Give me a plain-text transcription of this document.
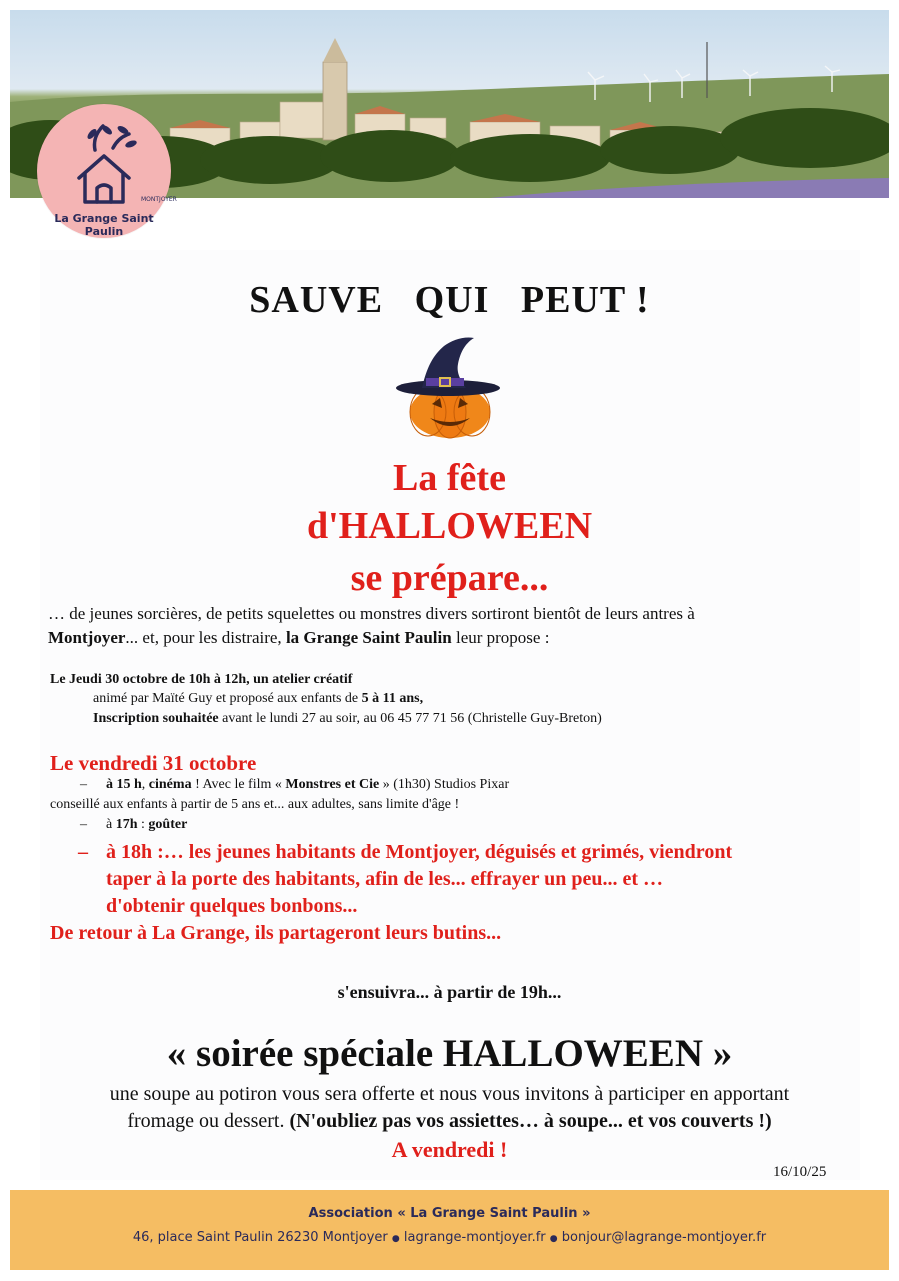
La Grange Saint Paulin
MONTJOYER
SAUVE   QUI   PEUT !
La fête
d'HALLOWEEN
se prépare...
… de jeunes sorcières, de petits squelettes ou monstres divers sortiront bientôt de leurs antres à
Montjoyer... et, pour les distraire, la Grange Saint Paulin leur propose :
Le Jeudi 30 octobre de 10h à 12h, un atelier créatif
animé par Maïté Guy et proposé aux enfants de 5 à 11 ans,
Inscription souhaitée avant le lundi 27 au soir, au 06 45 77 71 56 (Christelle Guy-Breton)
Le vendredi 31 octobre
– à 15 h, cinéma ! Avec le film « Monstres et Cie » (1h30) Studios Pixar
conseillé aux enfants à partir de 5 ans et... aux adultes, sans limite d'âge !
– à 17h : goûter
– à 18h :… les jeunes habitants de Montjoyer, déguisés et grimés, viendront
taper à la porte des habitants, afin de les... effrayer un peu... et …
d'obtenir quelques bonbons...
De retour à La Grange, ils partageront leurs butins...
s'ensuivra... à partir de 19h...
« soirée spéciale HALLOWEEN »
une soupe au potiron vous sera offerte et nous vous invitons à participer en apportant
fromage ou dessert. (N'oubliez pas vos assiettes… à soupe... et vos couverts !)
A vendredi !
16/10/25
Association « La Grange Saint Paulin »
46, place Saint Paulin 26230 Montjoyer ● lagrange-montjoyer.fr ● bonjour@lagrange-montjoyer.fr
